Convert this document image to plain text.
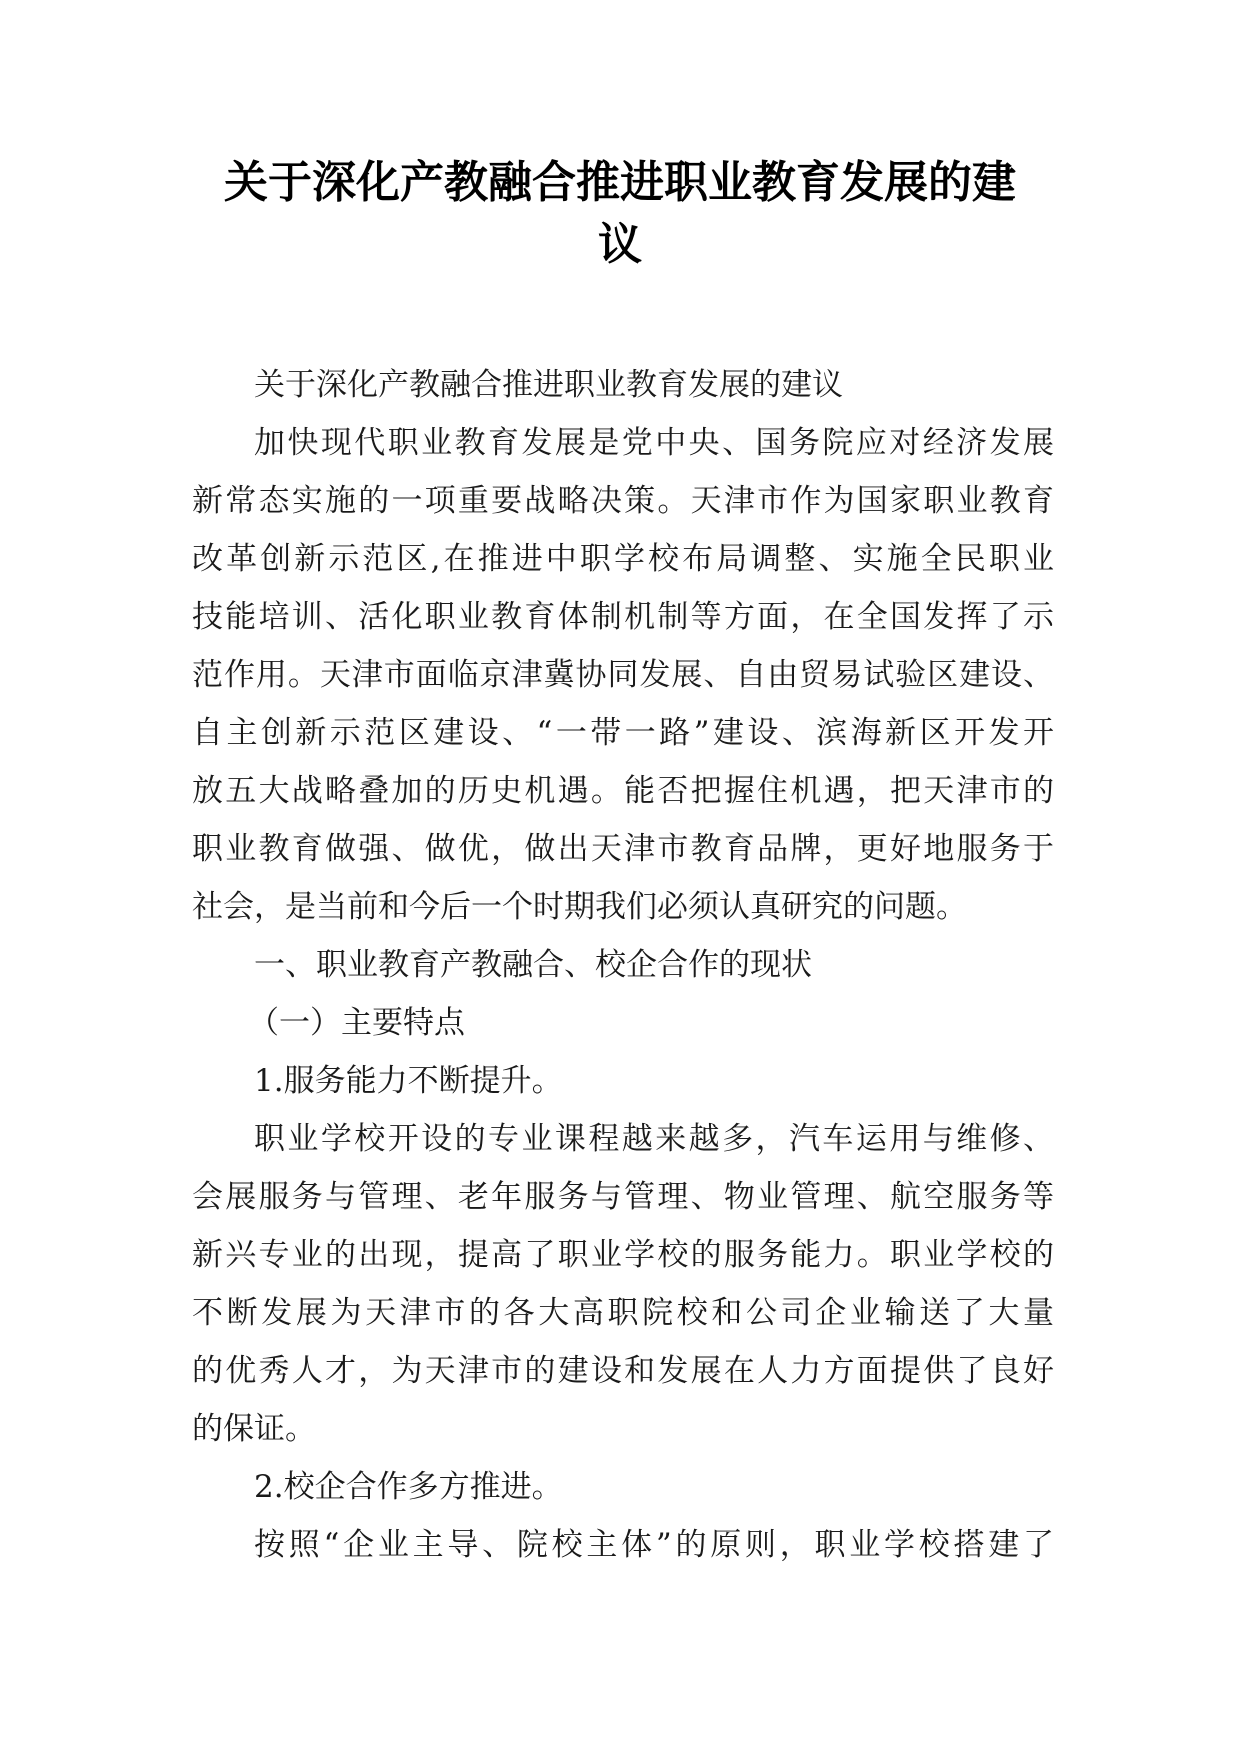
关于深化产教融合推进职业教育发展的建
议
关于深化产教融合推进职业教育发展的建议
加快现代职业教育发展是党中央、国务院应对经济发展
新常态实施的一项重要战略决策。天津市作为国家职业教育
改革创新示范区,在推进中职学校布局调整、实施全民职业
技能培训、活化职业教育体制机制等方面，在全国发挥了示
范作用。天津市面临京津冀协同发展、自由贸易试验区建设、
自主创新示范区建设、“一带一路”建设、滨海新区开发开
放五大战略叠加的历史机遇。能否把握住机遇，把天津市的
职业教育做强、做优，做出天津市教育品牌，更好地服务于
社会，是当前和今后一个时期我们必须认真研究的问题。
一、职业教育产教融合、校企合作的现状
（一）主要特点
1.服务能力不断提升。
职业学校开设的专业课程越来越多，汽车运用与维修、
会展服务与管理、老年服务与管理、物业管理、航空服务等
新兴专业的出现，提高了职业学校的服务能力。职业学校的
不断发展为天津市的各大高职院校和公司企业输送了大量
的优秀人才，为天津市的建设和发展在人力方面提供了良好
的保证。
2.校企合作多方推进。
按照“企业主导、院校主体”的原则，职业学校搭建了
